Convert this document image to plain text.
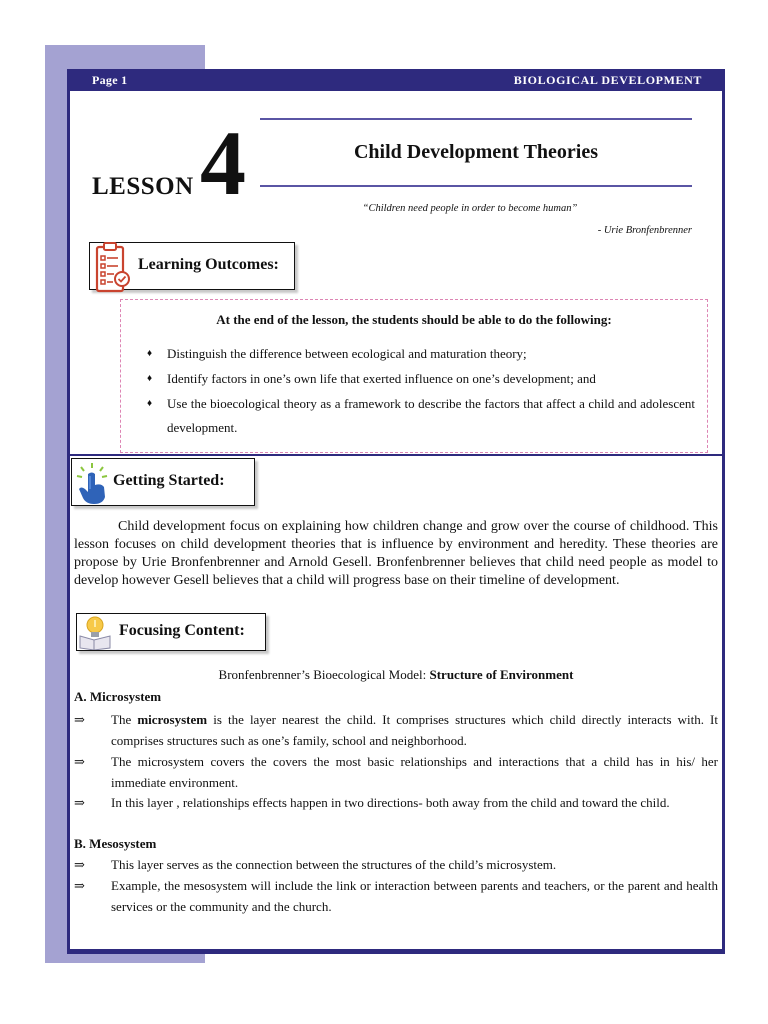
Page 1	BIOLOGICAL DEVELOPMENT
4
LESSON
Child Development Theories
“Children need people in order to become human”
- Urie Bronfenbrenner
Learning Outcomes:
At the end of the lesson, the students should be able to do the following:
♦ Distinguish the difference between ecological and maturation theory;
♦ Identify factors in one’s own life that exerted influence on one’s development; and
♦ Use the bioecological theory as a framework to describe the factors that affect a child and adolescent development.
Getting Started:

Child development focus on explaining how children change and grow over the course of childhood. This lesson focuses on child development theories that is influence by environment and heredity. These theories are propose by Urie Bronfenbrenner and Arnold Gesell. Bronfenbrenner believes that child need people as model to develop however Gesell believes that a child will progress base on their timeline of development.

Focusing Content:
Bronfenbrenner’s Bioecological Model: Structure of Environment
A. Microsystem
⇒	The microsystem is the layer nearest the child. It comprises structures which child directly interacts with. It comprises structures such as one’s family, school and neighborhood.
⇒	The microsystem covers the covers the most basic relationships and interactions that a child has in his/ her immediate environment.
⇒	In this layer , relationships effects happen in two directions- both away from the child and toward the child.
B. Mesosystem
⇒	This layer serves as the connection between the structures of the child’s microsystem.
⇒	Example, the mesosystem will include the link or interaction between parents and teachers, or the parent and health services or the community and the church.
